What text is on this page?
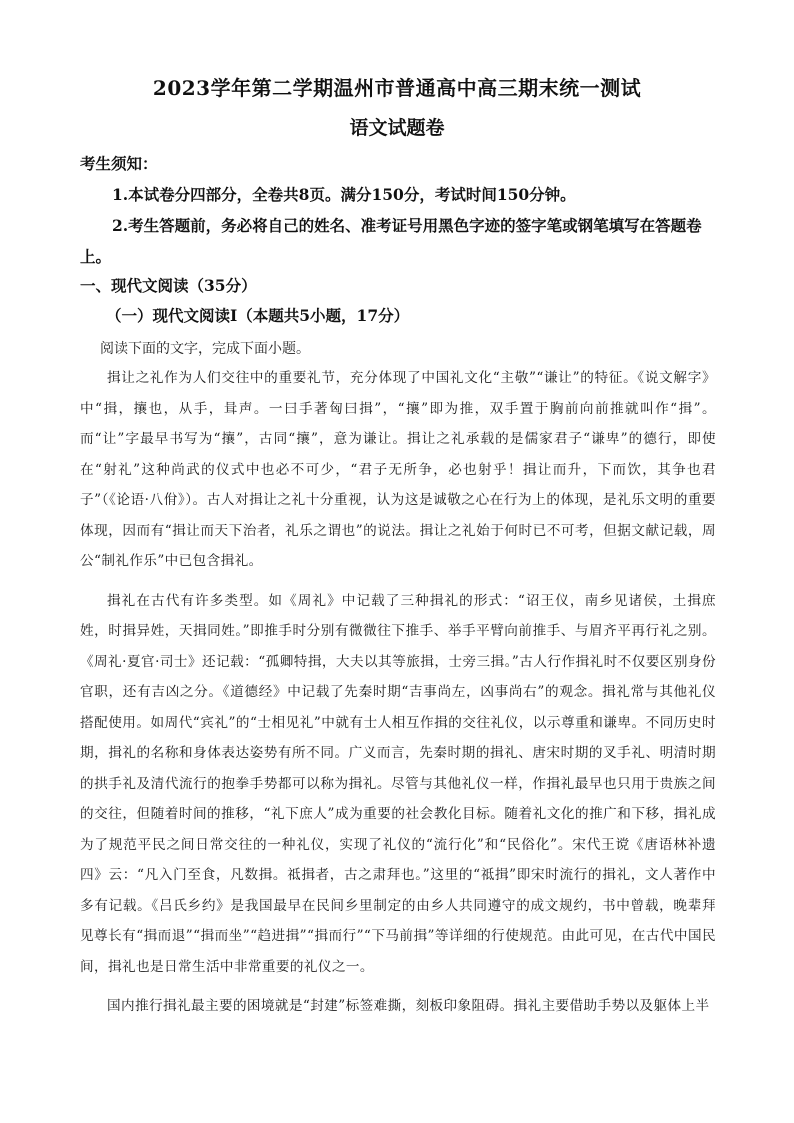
2023学年第二学期温州市普通高中高三期末统一测试
语文试题卷

考生须知：

1.本试卷分四部分，全卷共8页。满分150分，考试时间150分钟。

2.考生答题前，务必将自己的姓名、准考证号用黑色字迹的签字笔或钢笔填写在答题卷上。

一、现代文阅读（35分）

（一）现代文阅读Ⅰ（本题共5小题，17分）

阅读下面的文字，完成下面小题。

揖让之礼作为人们交往中的重要礼节，充分体现了中国礼文化“主敬”“谦让”的特征。《说文解字》中“揖，攘也，从手，咠声。一曰手著匈曰揖”，“攘”即为推，双手置于胸前向前推就叫作“揖”。而“让”字最早书写为“攘”，古同“攘”，意为谦让。揖让之礼承载的是儒家君子“谦卑”的德行，即使在“射礼”这种尚武的仪式中也必不可少，“君子无所争，必也射乎！揖让而升，下而饮，其争也君子”（《论语·八佾》）。古人对揖让之礼十分重视，认为这是诚敬之心在行为上的体现，是礼乐文明的重要体现，因而有“揖让而天下治者，礼乐之谓也”的说法。揖让之礼始于何时已不可考，但据文献记载，周公“制礼作乐”中已包含揖礼。

揖礼在古代有许多类型。如《周礼》中记载了三种揖礼的形式：“诏王仪，南乡见诸侯，土揖庶姓，时揖异姓，天揖同姓。”即推手时分别有微微往下推手、举手平臂向前推手、与眉齐平再行礼之别。《周礼·夏官·司士》还记载：“孤卿特揖，大夫以其等旅揖，士旁三揖。”古人行作揖礼时不仅要区别身份官职，还有吉凶之分。《道德经》中记载了先秦时期“吉事尚左，凶事尚右”的观念。揖礼常与其他礼仪搭配使用。如周代“宾礼”的“士相见礼”中就有士人相互作揖的交往礼仪，以示尊重和谦卑。不同历史时期，揖礼的名称和身体表达姿势有所不同。广义而言，先秦时期的揖礼、唐宋时期的叉手礼、明清时期的拱手礼及清代流行的抱拳手势都可以称为揖礼。尽管与其他礼仪一样，作揖礼最早也只用于贵族之间的交往，但随着时间的推移，“礼下庶人”成为重要的社会教化目标。随着礼文化的推广和下移，揖礼成为了规范平民之间日常交往的一种礼仪，实现了礼仪的“流行化”和“民俗化”。宋代王谠《唐语林补遗四》云：“凡入门至食，凡数揖。祗揖者，古之肃拜也。”这里的“祗揖”即宋时流行的揖礼，文人著作中多有记载。《吕氏乡约》是我国最早在民间乡里制定的由乡人共同遵守的成文规约，书中曾载，晚辈拜见尊长有“揖而退”“揖而坐”“趋进揖”“揖而行”“下马前揖”等详细的行使规范。由此可见，在古代中国民间，揖礼也是日常生活中非常重要的礼仪之一。

国内推行揖礼最主要的困境就是“封建”标签难撕，刻板印象阻碍。揖礼主要借助手势以及躯体上半
